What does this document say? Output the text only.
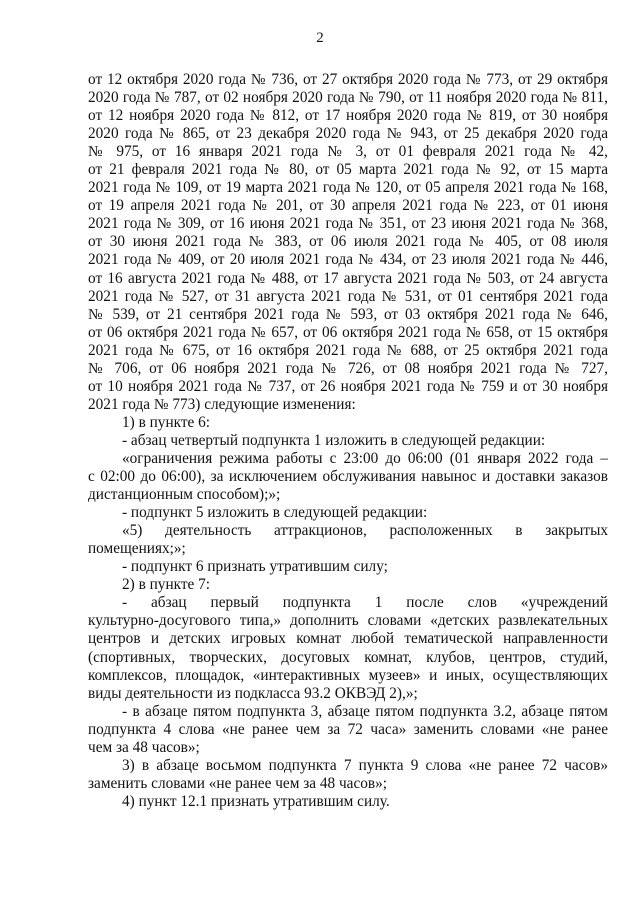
2
от 12 октября 2020 года № 736, от 27 октября 2020 года № 773, от 29 октября
2020 года № 787, от 02 ноября 2020 года № 790, от 11 ноября 2020 года № 811,
от 12 ноября 2020 года № 812, от 17 ноября 2020 года № 819, от 30 ноября
2020 года № 865, от 23 декабря 2020 года № 943, от 25 декабря 2020 года
№ 975, от 16 января 2021 года № 3, от 01 февраля 2021 года № 42,
от 21 февраля 2021 года № 80, от 05 марта 2021 года № 92, от 15 марта
2021 года № 109, от 19 марта 2021 года № 120, от 05 апреля 2021 года № 168,
от 19 апреля 2021 года № 201, от 30 апреля 2021 года № 223, от 01 июня
2021 года № 309, от 16 июня 2021 года № 351, от 23 июня 2021 года № 368,
от 30 июня 2021 года № 383, от 06 июля 2021 года № 405, от 08 июля
2021 года № 409, от 20 июля 2021 года № 434, от 23 июля 2021 года № 446,
от 16 августа 2021 года № 488, от 17 августа 2021 года № 503, от 24 августа
2021 года № 527, от 31 августа 2021 года № 531, от 01 сентября 2021 года
№ 539, от 21 сентября 2021 года № 593, от 03 октября 2021 года № 646,
от 06 октября 2021 года № 657, от 06 октября 2021 года № 658, от 15 октября
2021 года № 675, от 16 октября 2021 года № 688, от 25 октября 2021 года
№ 706, от 06 ноября 2021 года № 726, от 08 ноября 2021 года № 727,
от 10 ноября 2021 года № 737, от 26 ноября 2021 года № 759 и от 30 ноября
2021 года № 773) следующие изменения:
1) в пункте 6:
- абзац четвертый подпункта 1 изложить в следующей редакции:
«ограничения режима работы с 23:00 до 06:00 (01 января 2022 года –
с 02:00 до 06:00), за исключением обслуживания навынос и доставки заказов
дистанционным способом);»;
- подпункт 5 изложить в следующей редакции:
«5) деятельность аттракционов, расположенных в закрытых
помещениях;»;
- подпункт 6 признать утратившим силу;
2) в пункте 7:
- абзац первый подпункта 1 после слов «учреждений
культурно-досугового типа,» дополнить словами «детских развлекательных
центров и детских игровых комнат любой тематической направленности
(спортивных, творческих, досуговых комнат, клубов, центров, студий,
комплексов, площадок, «интерактивных музеев» и иных, осуществляющих
виды деятельности из подкласса 93.2 ОКВЭД 2),»;
- в абзаце пятом подпункта 3, абзаце пятом подпункта 3.2, абзаце пятом
подпункта 4 слова «не ранее чем за 72 часа» заменить словами «не ранее
чем за 48 часов»;
3) в абзаце восьмом подпункта 7 пункта 9 слова «не ранее 72 часов»
заменить словами «не ранее чем за 48 часов»;
4) пункт 12.1 признать утратившим силу.
